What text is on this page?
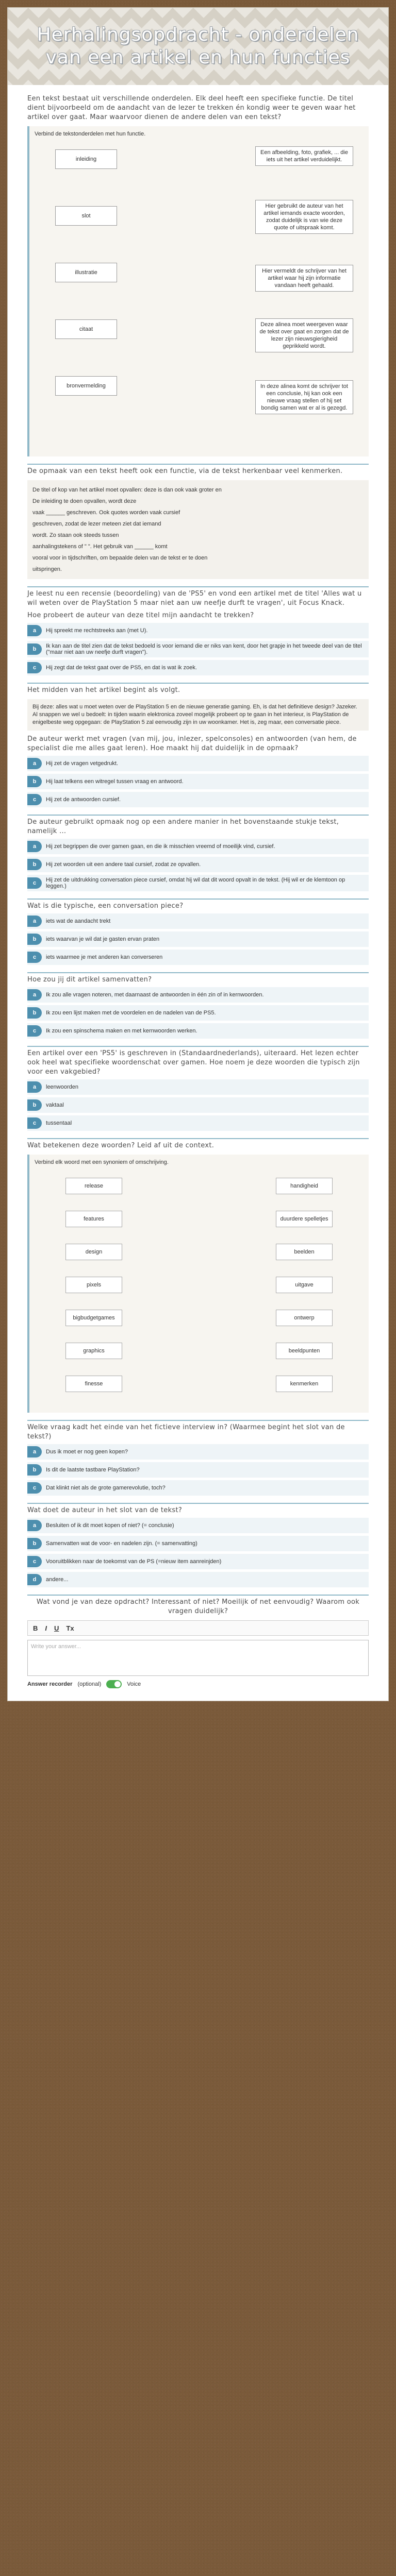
Herhalingsopdracht - onderdelen van een artikel en hun functies

Een tekst bestaat uit verschillende onderdelen. Elk deel heeft een specifieke functie. De titel dient bijvoorbeeld om de aandacht van de lezer te trekken én kondig weer te geven waar het artikel over gaat. Maar waarvoor dienen de andere delen van een tekst?

Verbind de tekstonderdelen met hun functie.
inleiding
slot
illustratie
citaat
bronvermelding
Een afbeelding, foto, grafiek, ... die iets uit het artikel verduidelijkt.
Hier gebruikt de auteur van het artikel iemands exacte woorden, zodat duidelijk is van wie deze quote of uitspraak komt.
Hier vermeldt de schrijver van het artikel waar hij zijn informatie vandaan heeft gehaald.
Deze alinea moet weergeven waar de tekst over gaat en zorgen dat de lezer zijn nieuwsgierigheid geprikkeld wordt.
In deze alinea komt de schrijver tot een conclusie, hij kan ook een nieuwe vraag stellen of hij set bondig samen wat er al is gezegd.

De opmaak van een tekst heeft ook een functie, via de tekst herkenbaar veel kenmerken.

De titel of kop van het artikel moet opvallen: deze is dan ook vaak groter en
De inleiding te doen opvallen, wordt deze
vaak ______ geschreven. Ook quotes worden vaak cursief
geschreven, zodat de lezer meteen ziet dat iemand
wordt. Zo staan ook steeds tussen
aanhalingstekens of " ". Het gebruik van ______ komt
vooral voor in tijdschriften, om bepaalde delen van de tekst er te doen
uitspringen.

Je leest nu een recensie (beoordeling) van de 'PS5' en vond een artikel met de titel 'Alles wat u wil weten over de PlayStation 5 maar niet aan uw neefje durft te vragen', uit Focus Knack.

Hoe probeert de auteur van deze titel mijn aandacht te trekken?

a	Hij spreekt me rechtstreeks aan (met U).
b	Ik kan aan de titel zien dat de tekst bedoeld is voor iemand die er niks van kent, door het grapje in het tweede deel van de titel ("maar niet aan uw neefje durft vragen").
c	Hij zegt dat de tekst gaat over de PS5, en dat is wat ik zoek.

Het midden van het artikel begint als volgt.

Bij deze: alles wat u moet weten over de PlayStation 5 en de nieuwe generatie gaming. Eh, is dat het definitieve design? Jazeker. Al snappen we wel u bedoelt: in tijden waarin elektronica zoveel mogelijk probeert op te gaan in het interieur, is PlayStation de enigelbeste weg opgegaan: de PlayStation 5 zal eenvoudig zijn in uw woonkamer. Het is, zeg maar, een conversatie piece.

De auteur werkt met vragen (van mij, jou, inlezer, spelconsoles) en antwoorden (van hem, de specialist die me alles gaat leren). Hoe maakt hij dat duidelijk in de opmaak?

a	Hij zet de vragen vetgedrukt.
b	Hij laat telkens een witregel tussen vraag en antwoord.
c	Hij zet de antwoorden cursief.

De auteur gebruikt opmaak nog op een andere manier in het bovenstaande stukje tekst, namelijk ...

a	Hij zet begrippen die over gamen gaan, en die ik misschien vreemd of moeilijk vind, cursief.
b	Hij zet woorden uit een andere taal cursief, zodat ze opvallen.
c	Hij zet de uitdrukking conversation piece cursief, omdat hij wil dat dit woord opvalt in de tekst. (Hij wil er de klemtoon op leggen.)

Wat is die typische, een conversation piece?

a	iets wat de aandacht trekt
b	iets waarvan je wil dat je gasten ervan praten
c	iets waarmee je met anderen kan converseren

Hoe zou jij dit artikel samenvatten?

a	Ik zou alle vragen noteren, met daarnaast de antwoorden in één zin of in kernwoorden.
b	Ik zou een lijst maken met de voordelen en de nadelen van de PS5.
c	Ik zou een spinschema maken en met kernwoorden werken.

Een artikel over een 'PS5' is geschreven in (Standaardnederlands), uiteraard. Het lezen echter ook heel wat specifieke woordenschat over gamen. Hoe noem je deze woorden die typisch zijn voor een vakgebied?

a	leenwoorden
b	vaktaal
c	tussentaal

Wat betekenen deze woorden? Leid af uit de context.

Verbind elk woord met een synoniem of omschrijving.
release
features
design
pixels
bigbudgetgames
graphics
finesse
handigheid
duurdere spelletjes
beelden
uitgave
ontwerp
beeldpunten
kenmerken

Welke vraag kadt het einde van het fictieve interview in? (Waarmee begint het slot van de tekst?)

a	Dus ik moet er nog geen kopen?
b	Is dit de laatste tastbare PlayStation?
c	Dat klinkt niet als de grote gamerevolutie, toch?

Wat doet de auteur in het slot van de tekst?

a	Besluiten of ik dit moet kopen of niet? (= conclusie)
b	Samenvatten wat de voor- en nadelen zijn. (= samenvatting)
c	Vooruitblikken naar de toekomst van de PS (=nieuw item aanreinjden)
d	andere...

Wat vond je van deze opdracht? Interessant of niet? Moeilijk of net eenvoudig? Waarom ook vragen duidelijk?

B I U Tx
Write your answer...
Answer recorder (optional)	Voice
